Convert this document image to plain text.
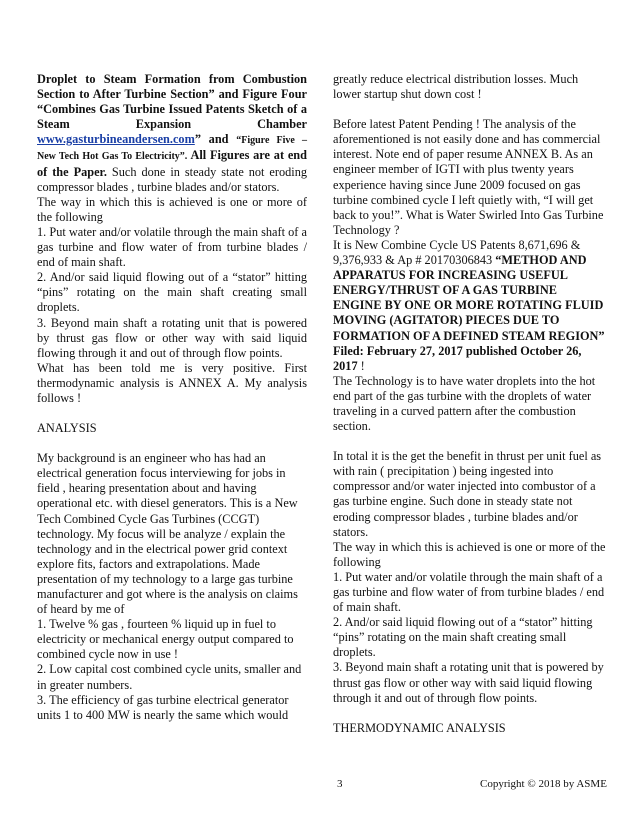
Droplet to Steam Formation from Combustion Section to After Turbine Section” and Figure Four “Combines Gas Turbine Issued Patents Sketch of a Steam Expansion Chamber www.gasturbineandersen.com” and “Figure Five – New Tech Hot Gas To Electricity”. All Figures are at end of the Paper. Such done in steady state not eroding compressor blades , turbine blades and/or stators.

The way in which this is achieved is one or more of the following

1. Put water and/or volatile through the main shaft of a gas turbine and flow water of from turbine blades / end of main shaft.

2. And/or said liquid flowing out of a “stator” hitting “pins” rotating on the main shaft creating small droplets.

3. Beyond main shaft a rotating unit that is powered by thrust gas flow or other way with said liquid flowing through it and out of through flow points.

What has been told me is very positive. First thermodynamic analysis is ANNEX A. My analysis follows !

ANALYSIS

My background is an engineer who has had an electrical generation focus interviewing for jobs in field , hearing presentation about and having operational etc. with diesel generators. This is a New Tech Combined Cycle Gas Turbines (CCGT) technology. My focus will be analyze / explain the technology and in the electrical power grid context explore fits, factors and extrapolations. Made presentation of my technology to a large gas turbine manufacturer and got where is the analysis on claims of heard by me of

1. Twelve % gas , fourteen % liquid up in fuel to electricity or mechanical energy output compared to combined cycle now in use !

2. Low capital cost combined cycle units, smaller and in greater numbers.

3. The efficiency of gas turbine electrical generator units 1 to 400 MW is nearly the same which would

greatly reduce electrical distribution losses. Much lower startup shut down cost !

Before latest Patent Pending ! The analysis of the aforementioned is not easily done and has commercial interest. Note end of paper resume ANNEX B. As an engineer member of IGTI with plus twenty years experience having since June 2009 focused on gas turbine combined cycle I left quietly with, “I will get back to you!”. What is Water Swirled Into Gas Turbine Technology ?

It is New Combine Cycle US Patents 8,671,696 & 9,376,933 & Ap # 20170306843 “METHOD AND APPARATUS FOR INCREASING USEFUL ENERGY/THRUST OF A GAS TURBINE ENGINE BY ONE OR MORE ROTATING FLUID MOVING (AGITATOR) PIECES DUE TO FORMATION OF A DEFINED STEAM REGION” Filed: February 27, 2017 published October 26, 2017 !

The Technology is to have water droplets into the hot end part of the gas turbine with the droplets of water traveling in a curved pattern after the combustion section.

In total it is the get the benefit in thrust per unit fuel as with rain ( precipitation ) being ingested into compressor and/or water injected into combustor of a gas turbine engine. Such done in steady state not eroding compressor blades , turbine blades and/or stators.

The way in which this is achieved is one or more of the following

1. Put water and/or volatile through the main shaft of a gas turbine and flow water of from turbine blades / end of main shaft.

2. And/or said liquid flowing out of a “stator” hitting “pins” rotating on the main shaft creating small droplets.

3. Beyond main shaft a rotating unit that is powered by thrust gas flow or other way with said liquid flowing through it and out of through flow points.

THERMODYNAMIC ANALYSIS

3	Copyright © 2018 by ASME
